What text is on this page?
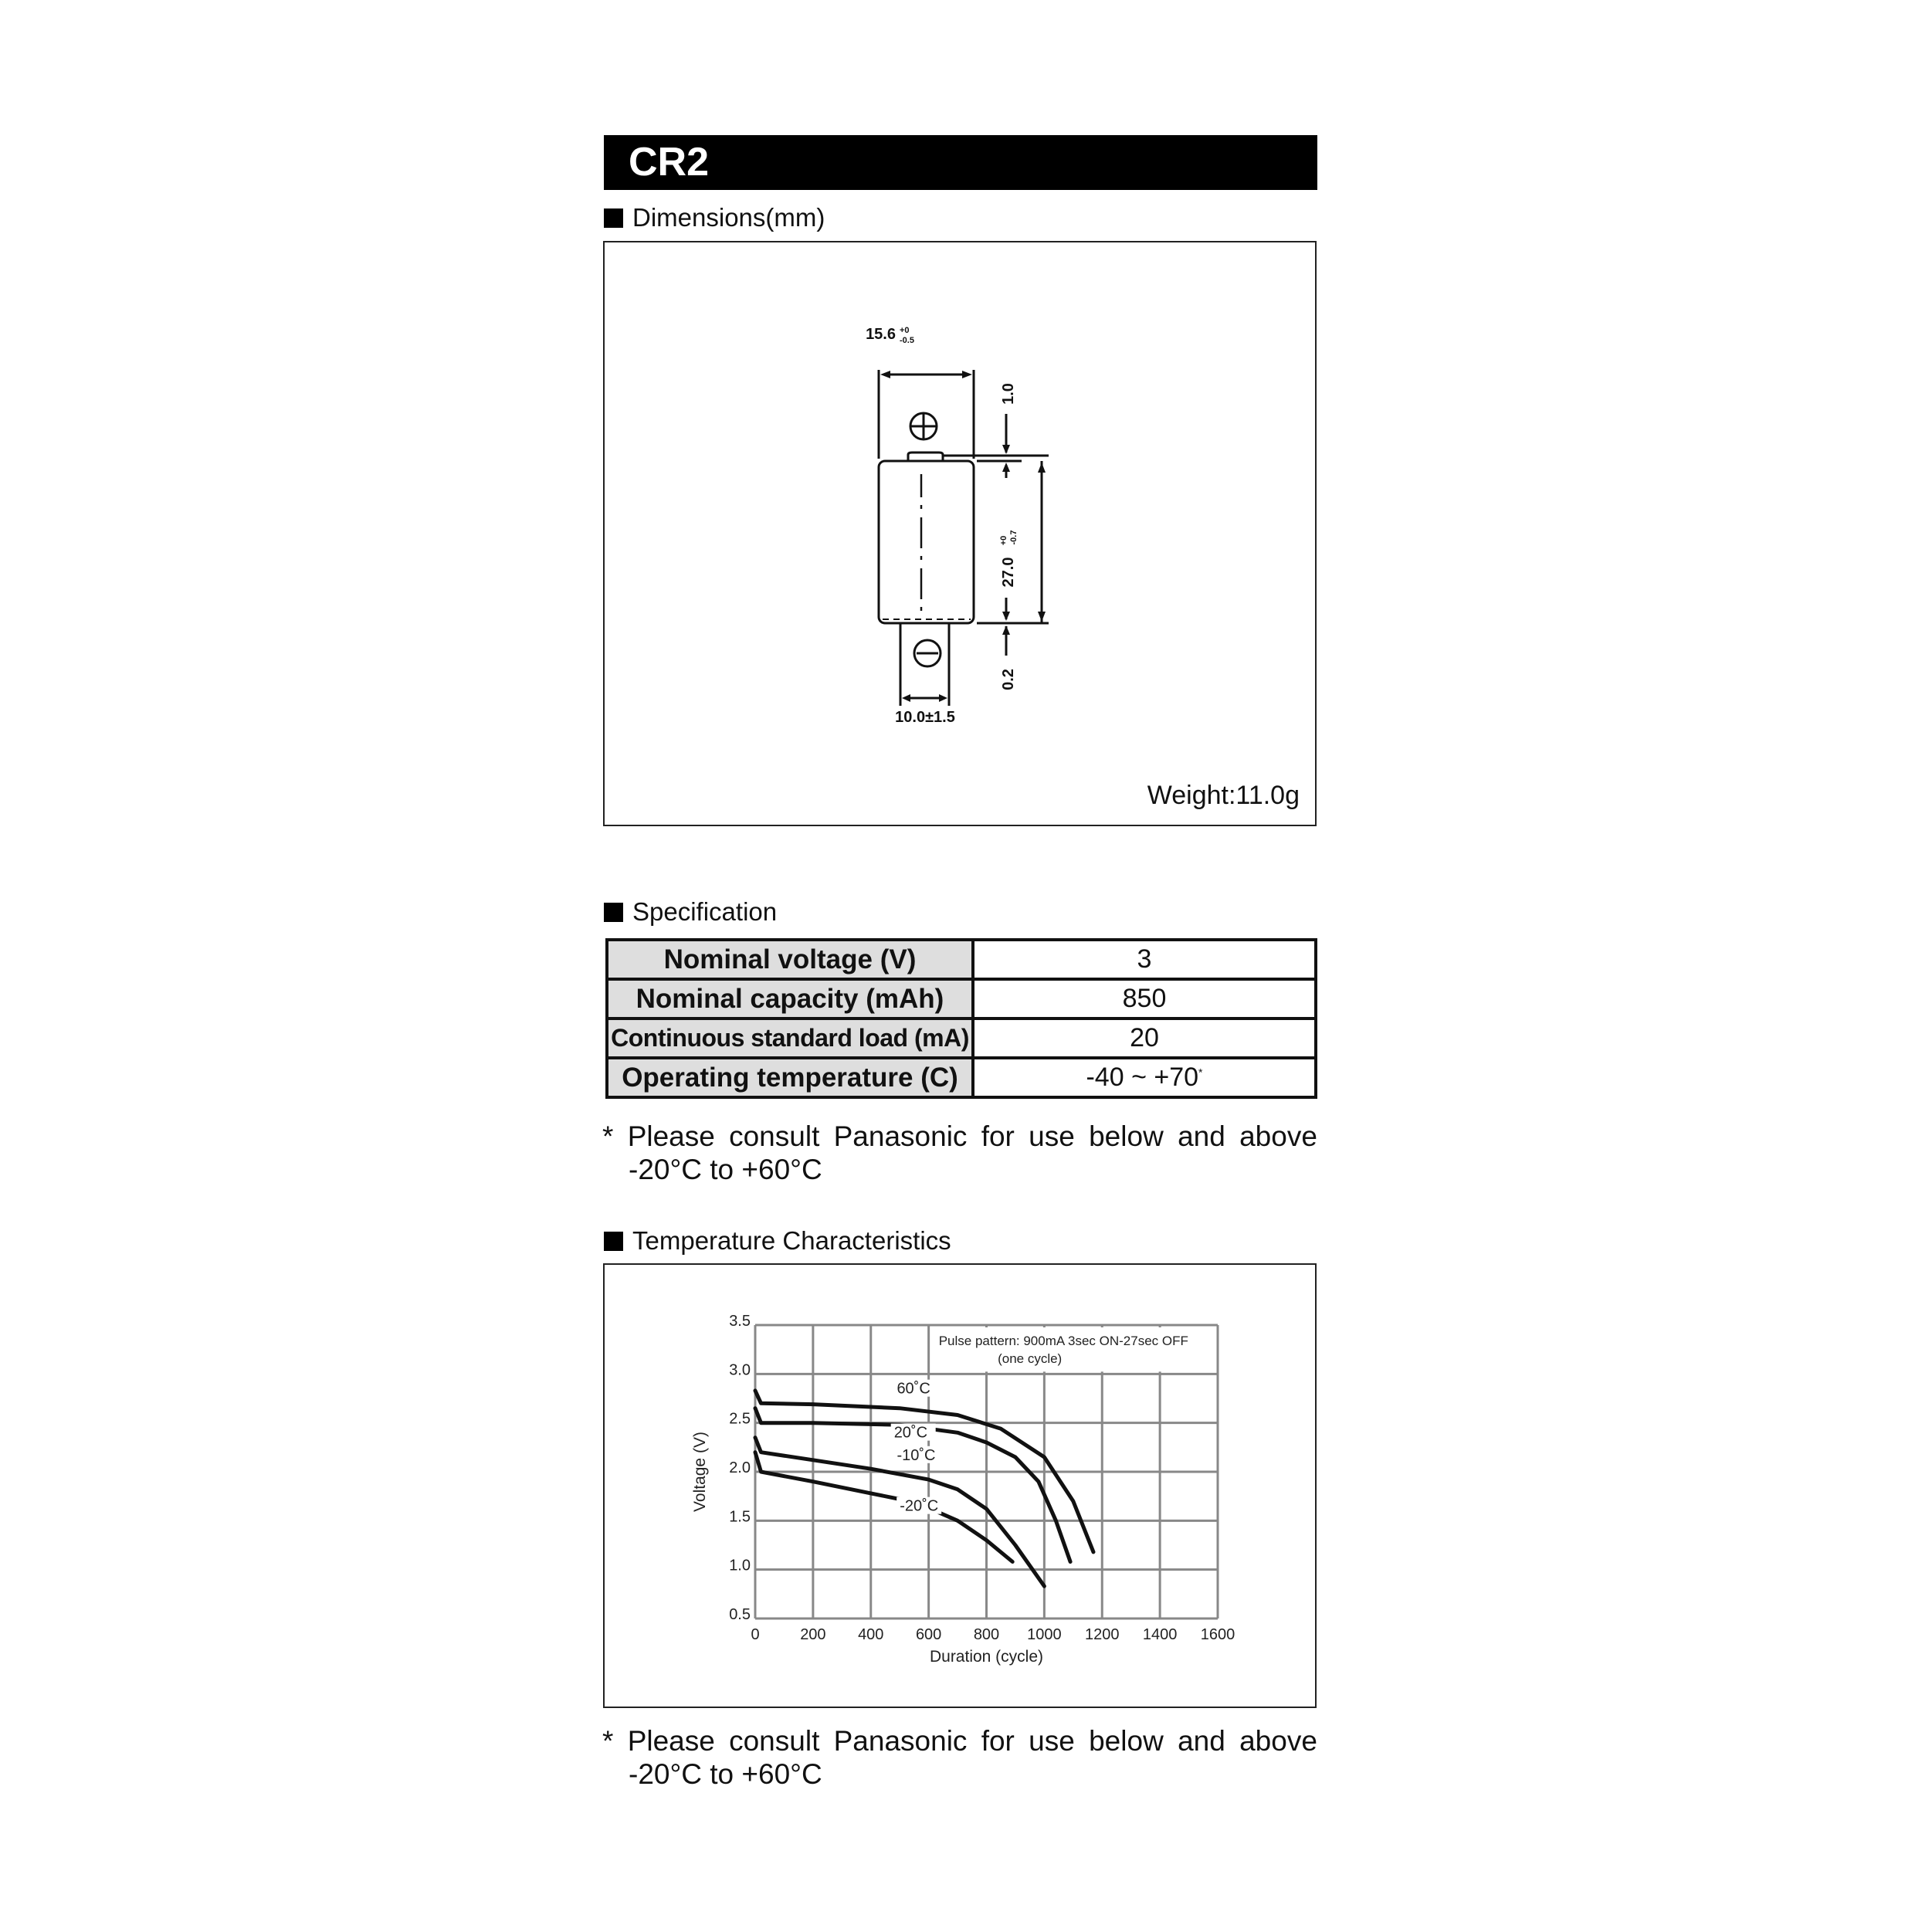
CR2
Dimensions(mm)
15.6 +0
-0.5
10.0±1.5
1.0
0.2
27.0
+0 -0.7
Weight:11.0g
Specification
Nominal voltage (V)	3
Nominal capacity (mAh)	850
Continuous standard load (mA)	20
Operating temperature (C)	-40 ~ +70*
* Please consult Panasonic for use below and above
-20°C to +60°C
Temperature Characteristics
0	200 400 600 800 1000 1200 1400 1600
0.5
1.0
1.5
2.0
2.5
3.0
3.5
Pulse pattern: 900mA 3sec ON-27sec OFF
(one cycle)
Duration (cycle)
Voltage (V)
60˚C
20˚C
-10˚C
-20˚C
* Please consult Panasonic for use below and above
-20°C to +60°C
